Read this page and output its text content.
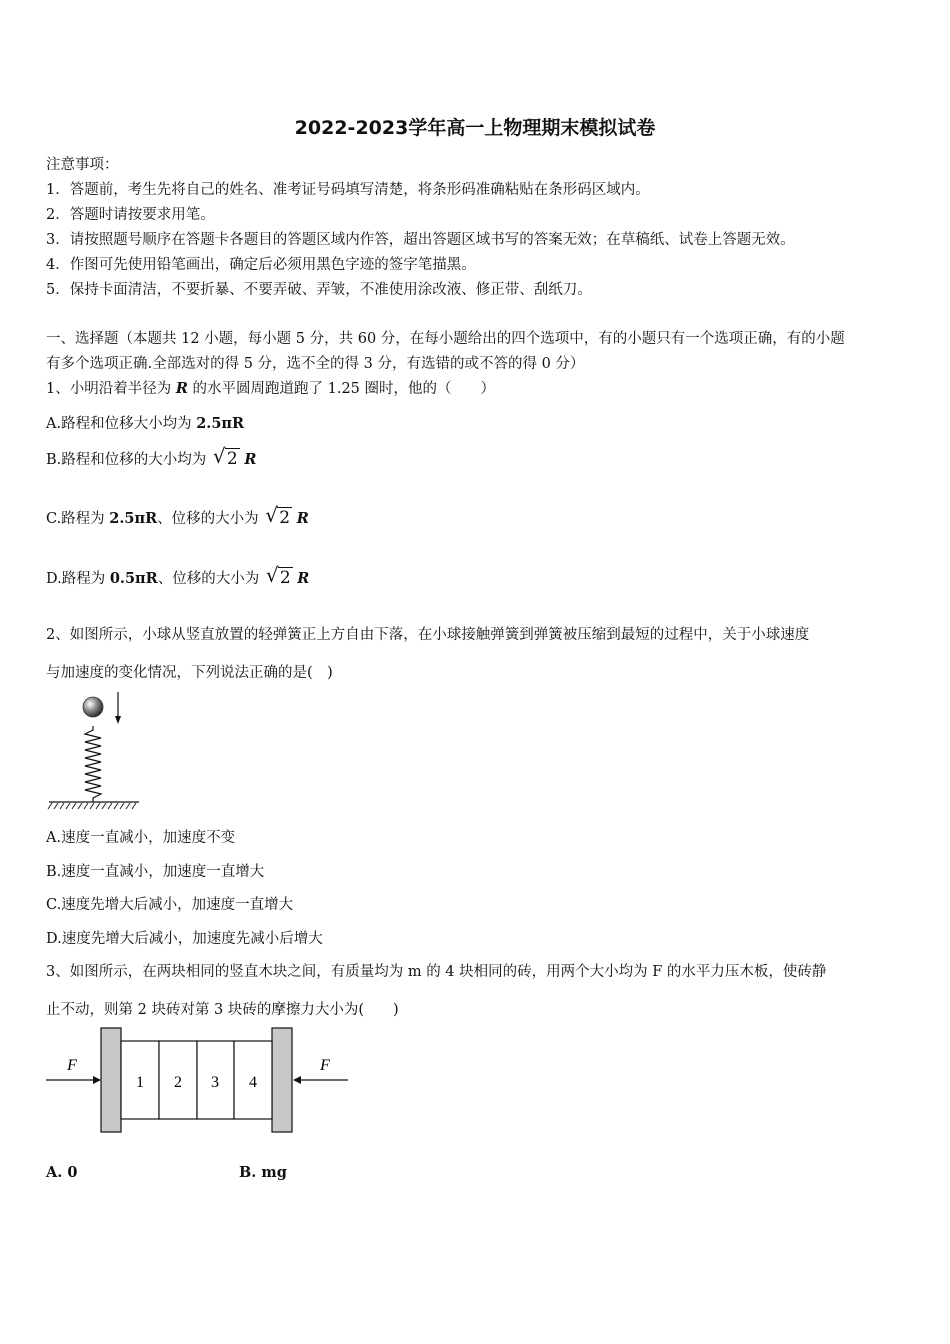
2022-2023学年高一上物理期末模拟试卷
注意事项：
1．答题前，考生先将自己的姓名、准考证号码填写清楚，将条形码准确粘贴在条形码区域内。
2．答题时请按要求用笔。
3．请按照题号顺序在答题卡各题目的答题区域内作答，超出答题区域书写的答案无效；在草稿纸、试卷上答题无效。
4．作图可先使用铅笔画出，确定后必须用黑色字迹的签字笔描黑。
5．保持卡面清洁，不要折暴、不要弄破、弄皱，不准使用涂改液、修正带、刮纸刀。
一、选择题（本题共 12 小题，每小题 5 分，共 60 分，在每小题给出的四个选项中，有的小题只有一个选项正确，有的小题
有多个选项正确.全部选对的得 5 分，选不全的得 3 分，有选错的或不答的得 0 分）
1、小明沿着半径为 R 的水平圆周跑道跑了 1.25 圈时，他的（　　）
A.路程和位移大小均为 2.5πR
B.路程和位移的大小均为 √ 2 R
C.路程为 2.5πR、位移的大小为 √ 2 R
D.路程为 0.5πR、位移的大小为 √ 2 R
2、如图所示，小球从竖直放置的轻弹簧正上方自由下落，在小球接触弹簧到弹簧被压缩到最短的过程中，关于小球速度
与加速度的变化情况，下列说法正确的是(　)
A.速度一直减小，加速度不变
B.速度一直减小，加速度一直增大
C.速度先增大后减小，加速度一直增大
D.速度先增大后减小，加速度先减小后增大
3、如图所示，在两块相同的竖直木块之间，有质量均为 m 的 4 块相同的砖，用两个大小均为 F 的水平力压木板，使砖静
止不动，则第 2 块砖对第 3 块砖的摩擦力大小为(　　)
1 2 3 4
F	F
A. 0	B. mg
